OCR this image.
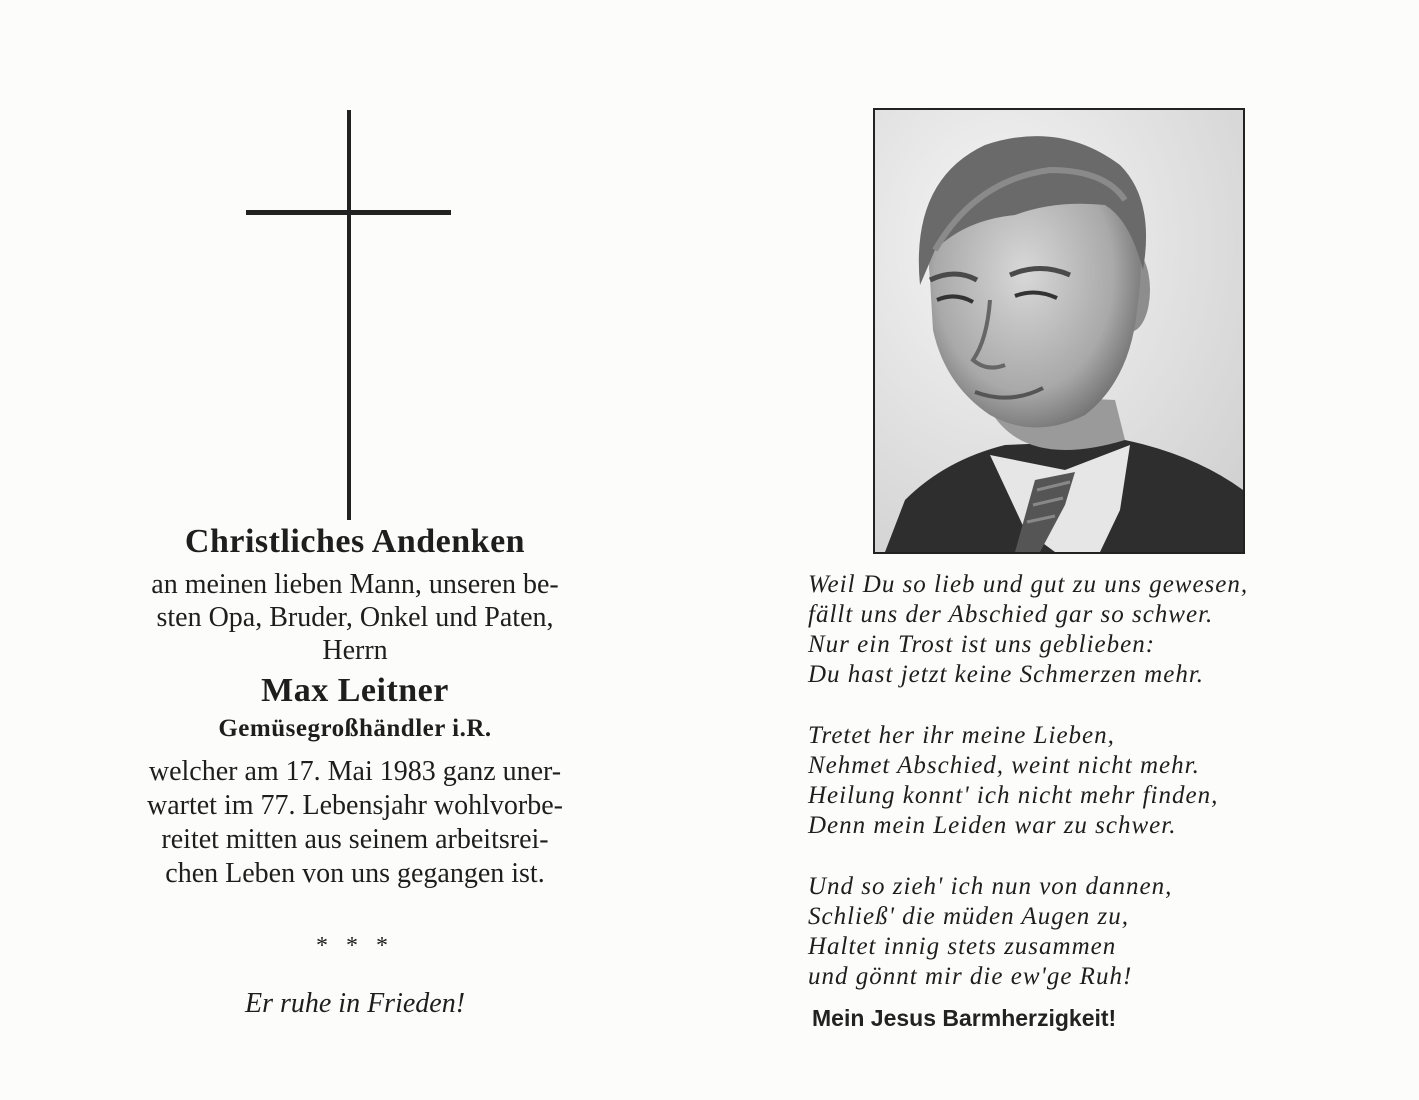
Christliches Andenken

an meinen lieben Mann, unseren be-
sten Opa, Bruder, Onkel und Paten,
Herrn

Max Leitner

Gemüsegroßhändler i.R.

welcher am 17. Mai 1983 ganz uner-
wartet im 77. Lebensjahr wohlvorbe-
reitet mitten aus seinem arbeitsrei-
chen Leben von uns gegangen ist.

* * *

Er ruhe in Frieden!

Weil Du so lieb und gut zu uns gewesen,
fällt uns der Abschied gar so schwer.
Nur ein Trost ist uns geblieben:
Du hast jetzt keine Schmerzen mehr.
Tretet her ihr meine Lieben,
Nehmet Abschied, weint nicht mehr.
Heilung konnt' ich nicht mehr finden,
Denn mein Leiden war zu schwer.
Und so zieh' ich nun von dannen,
Schließ' die müden Augen zu,
Haltet innig stets zusammen
und gönnt mir die ew'ge Ruh!
Mein Jesus Barmherzigkeit!
